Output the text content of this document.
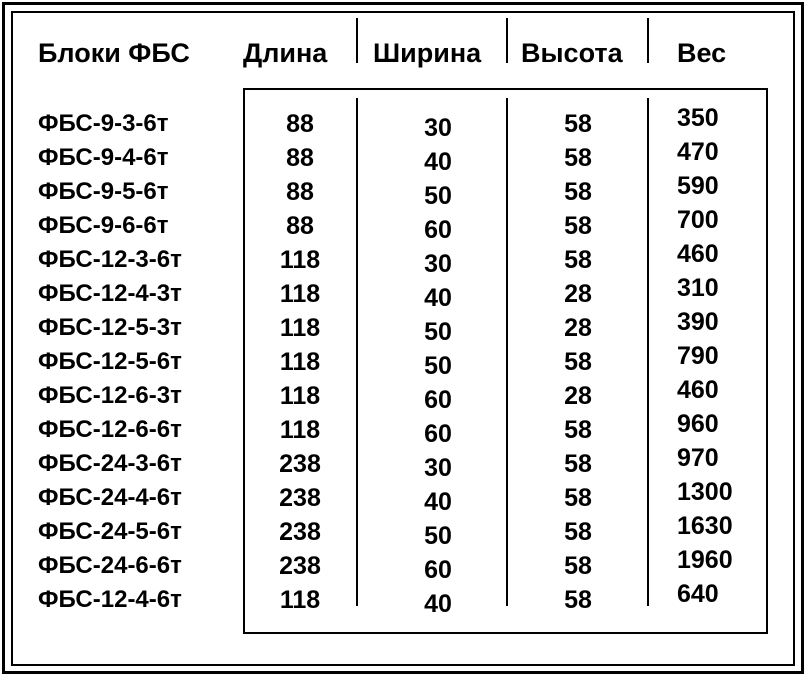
Блоки ФБС Длина Ширина Высота Вес
ФБС-9-3-6т	88	30	58	350
ФБС-9-4-6т	88	40	58	470
ФБС-9-5-6т	88	50	58	590
ФБС-9-6-6т	88	60	58	700
ФБС-12-3-6т	118	30	58	460
ФБС-12-4-3т	118	40	28	310
ФБС-12-5-3т	118	50	28	390
ФБС-12-5-6т	118	50	58	790
ФБС-12-6-3т	118	60	28	460
ФБС-12-6-6т	118	60	58	960
ФБС-24-3-6т	238	30	58	970
ФБС-24-4-6т	238	40	58	1300
ФБС-24-5-6т	238	50	58	1630
ФБС-24-6-6т	238	60	58	1960
ФБС-12-4-6т	118	40	58	640
